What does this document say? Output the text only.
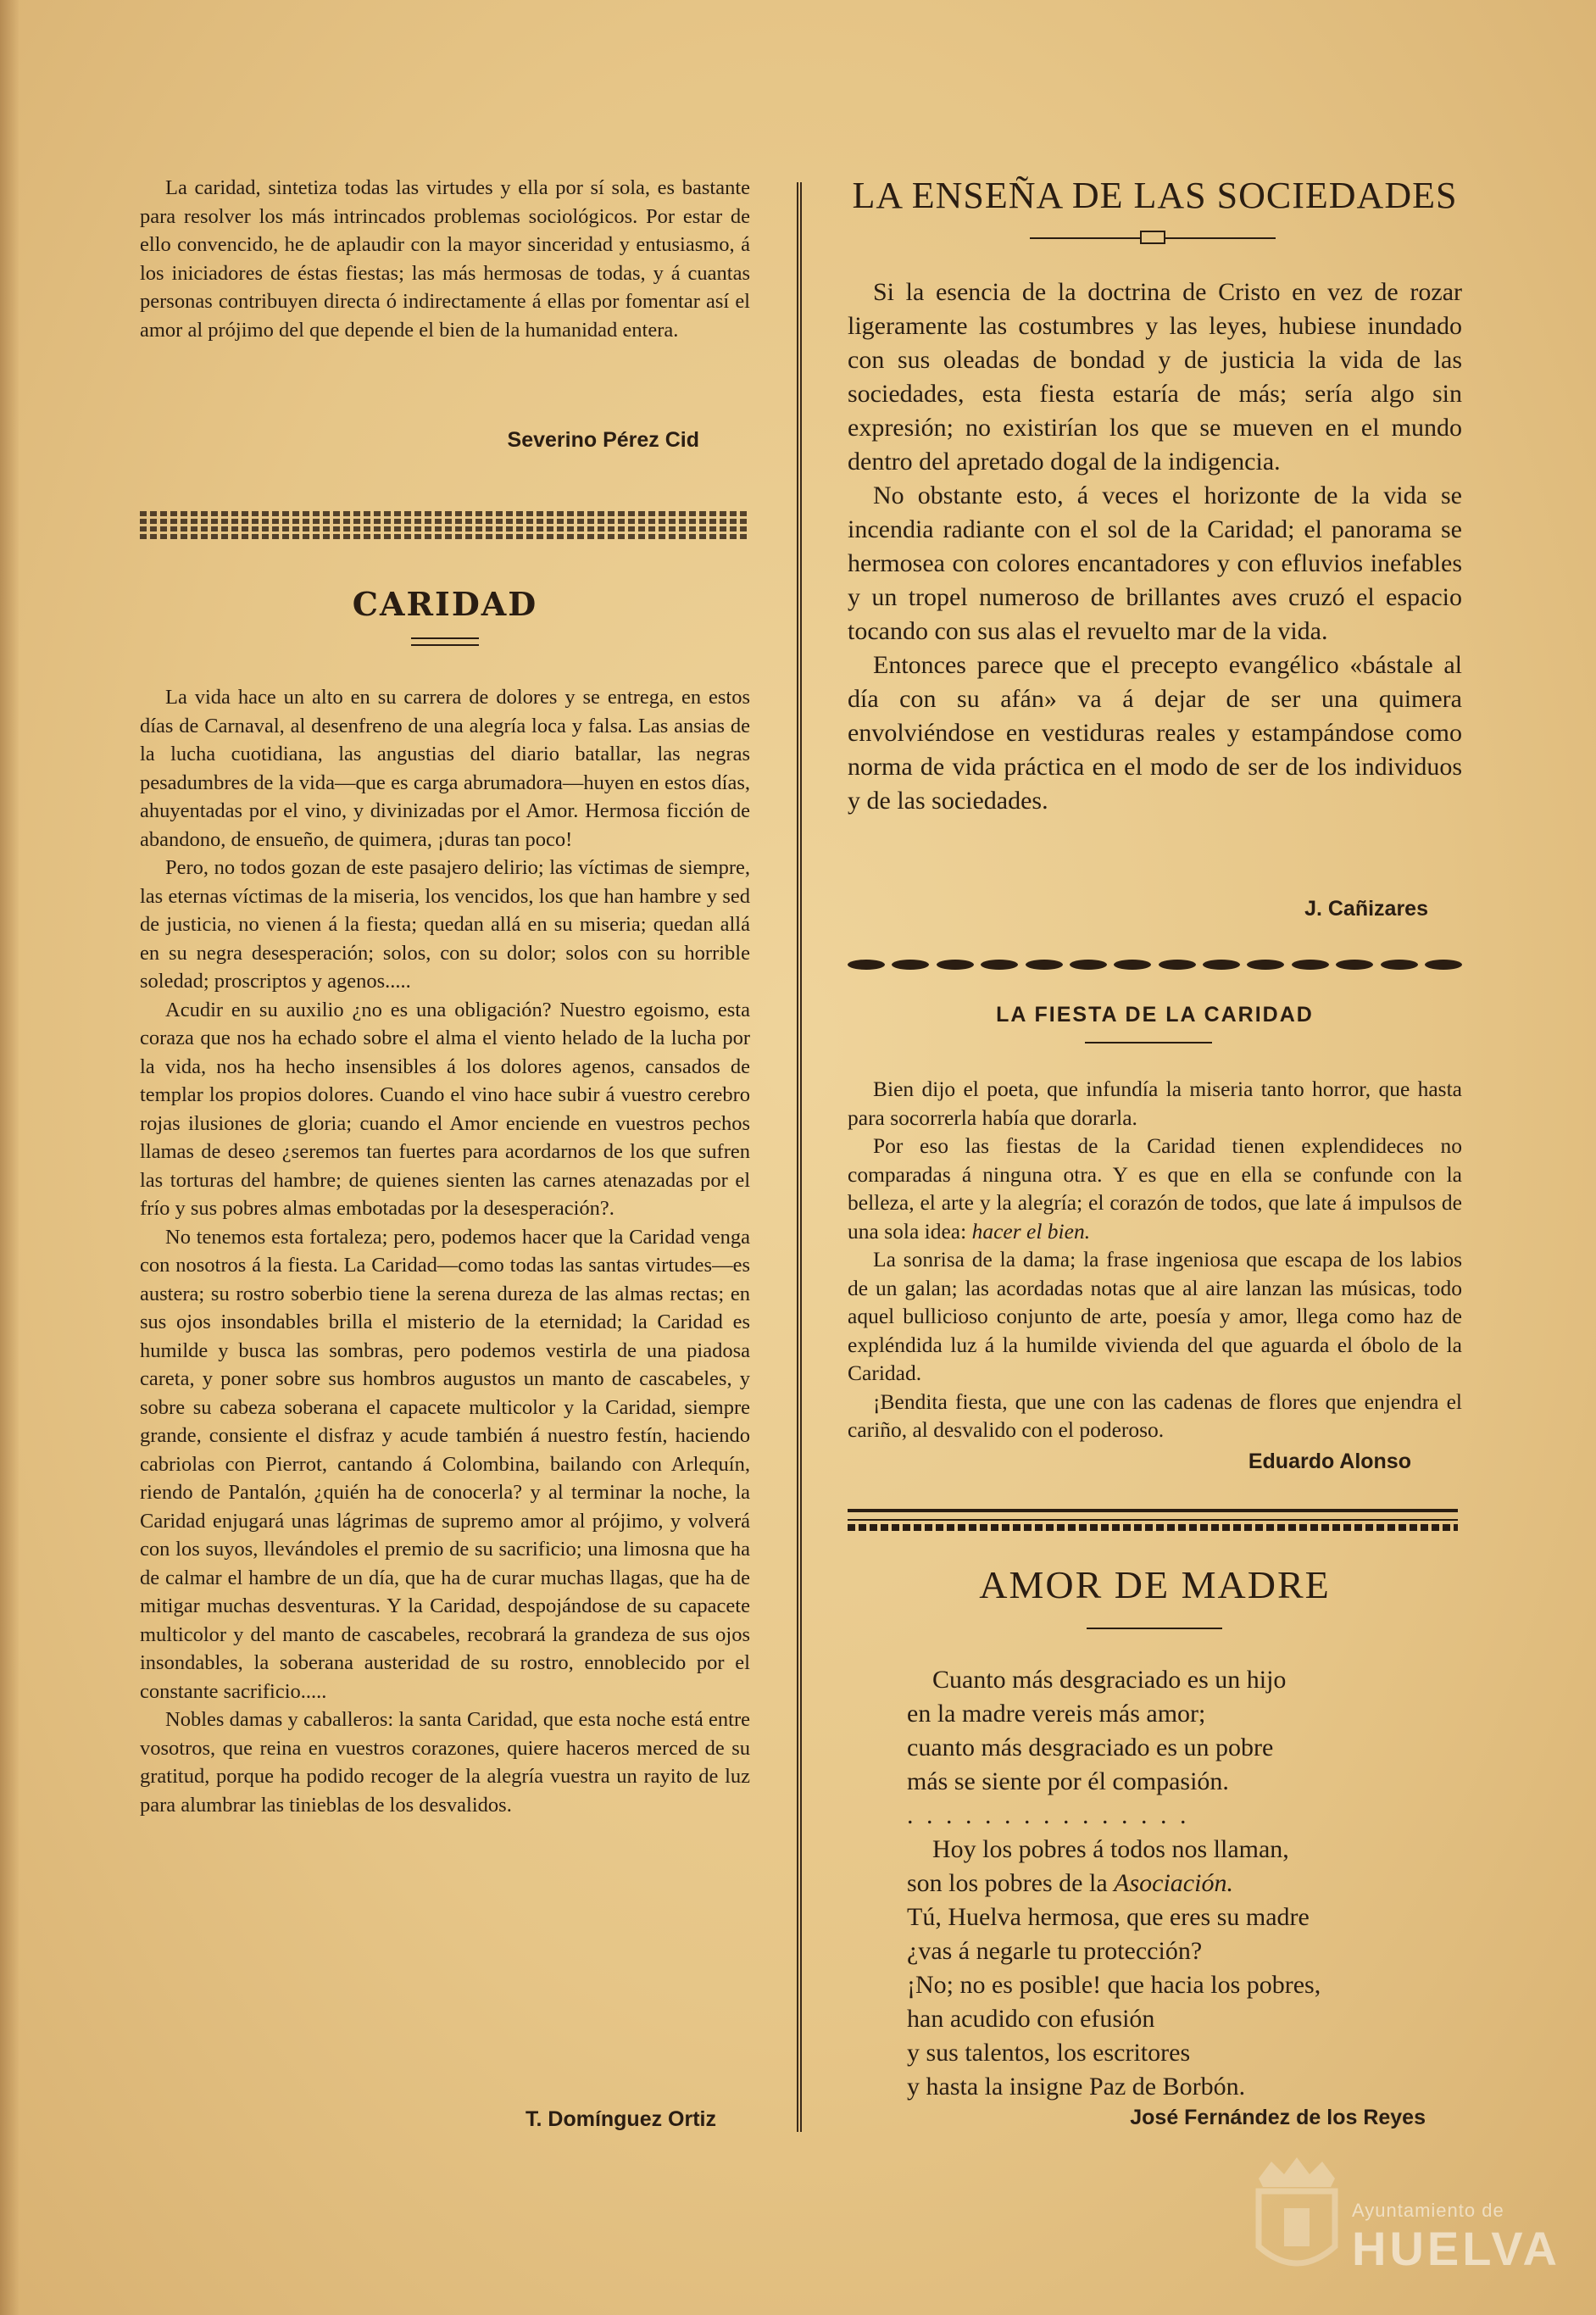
La caridad, sintetiza todas las virtudes y ella por sí sola, es bastante para resolver los más intrincados problemas sociológicos. Por estar de ello convencido, he de aplaudir con la mayor sinceridad y entusiasmo, á los iniciadores de éstas fiestas; las más hermosas de todas, y á cuantas personas contribuyen directa ó indirectamente á ellas por fomentar así el amor al prójimo del que depende el bien de la humanidad entera.

Severino Pérez Cid
CARIDAD

La vida hace un alto en su carrera de dolores y se entrega, en estos días de Carnaval, al desenfreno de una alegría loca y falsa. Las ansias de la lucha cuotidiana, las angustias del diario batallar, las negras pesadumbres de la vida—que es carga abrumadora—huyen en estos días, ahuyentadas por el vino, y divinizadas por el Amor. Hermosa ficción de abandono, de ensueño, de quimera, ¡duras tan poco!

Pero, no todos gozan de este pasajero delirio; las víctimas de siempre, las eternas víctimas de la miseria, los vencidos, los que han hambre y sed de justicia, no vienen á la fiesta; quedan allá en su miseria; quedan allá en su negra desesperación; solos, con su dolor; solos con su horrible soledad; proscriptos y agenos.....

Acudir en su auxilio ¿no es una obligación? Nuestro egoismo, esta coraza que nos ha echado sobre el alma el viento helado de la lucha por la vida, nos ha hecho insensibles á los dolores agenos, cansados de templar los propios dolores. Cuando el vino hace subir á vuestro cerebro rojas ilusiones de gloria; cuando el Amor enciende en vuestros pechos llamas de deseo ¿seremos tan fuertes para acordarnos de los que sufren las torturas del hambre; de quienes sienten las carnes atenazadas por el frío y sus pobres almas embotadas por la desesperación?.

No tenemos esta fortaleza; pero, podemos hacer que la Caridad venga con nosotros á la fiesta. La Caridad—como todas las santas virtudes—es austera; su rostro soberbio tiene la serena dureza de las almas rectas; en sus ojos insondables brilla el misterio de la eternidad; la Caridad es humilde y busca las sombras, pero podemos vestirla de una piadosa careta, y poner sobre sus hombros augustos un manto de cascabeles, y sobre su cabeza soberana el capacete multicolor y la Caridad, siempre grande, consiente el disfraz y acude también á nuestro festín, haciendo cabriolas con Pierrot, cantando á Colombina, bailando con Arlequín, riendo de Pantalón, ¿quién ha de conocerla? y al terminar la noche, la Caridad enjugará unas lágrimas de supremo amor al prójimo, y volverá con los suyos, llevándoles el premio de su sacrificio; una limosna que ha de calmar el hambre de un día, que ha de curar muchas llagas, que ha de mitigar muchas desventuras. Y la Caridad, despojándose de su capacete multicolor y del manto de cascabeles, recobrará la grandeza de sus ojos insondables, la soberana austeridad de su rostro, ennoblecido por el constante sacrificio.....

Nobles damas y caballeros: la santa Caridad, que esta noche está entre vosotros, que reina en vuestros corazones, quiere haceros merced de su gratitud, porque ha podido recoger de la alegría vuestra un rayito de luz para alumbrar las tinieblas de los desvalidos.

T. Domínguez Ortiz
LA ENSEÑA DE LAS SOCIEDADES

Si la esencia de la doctrina de Cristo en vez de rozar ligeramente las costumbres y las leyes, hubiese inundado con sus oleadas de bondad y de justicia la vida de las sociedades, esta fiesta estaría de más; sería algo sin expresión; no existirían los que se mueven en el mundo dentro del apretado dogal de la indigencia.

No obstante esto, á veces el horizonte de la vida se incendia radiante con el sol de la Caridad; el panorama se hermosea con colores encantadores y con efluvios inefables y un tropel numeroso de brillantes aves cruzó el espacio tocando con sus alas el revuelto mar de la vida.

Entonces parece que el precepto evangélico «bástale al día con su afán» va á dejar de ser una quimera envolviéndose en vestiduras reales y estampándose como norma de vida práctica en el modo de ser de los individuos y de las sociedades.

J. Cañizares
LA FIESTA DE LA CARIDAD

Bien dijo el poeta, que infundía la miseria tanto horror, que hasta para socorrerla había que dorarla.

Por eso las fiestas de la Caridad tienen explendideces no comparadas á ninguna otra. Y es que en ella se confunde con la belleza, el arte y la alegría; el corazón de todos, que late á impulsos de una sola idea: hacer el bien.

La sonrisa de la dama; la frase ingeniosa que escapa de los labios de un galan; las acordadas notas que al aire lanzan las músicas, todo aquel bullicioso conjunto de arte, poesía y amor, llega como haz de expléndida luz á la humilde vivienda del que aguarda el óbolo de la Caridad.

¡Bendita fiesta, que une con las cadenas de flores que enjendra el cariño, al desvalido con el poderoso.

Eduardo Alonso
AMOR DE MADRE

Cuanto más desgraciado es un hijo

en la madre vereis más amor;

cuanto más desgraciado es un pobre

más se siente por él compasión.

. . . . . . . . . . . . . . .

Hoy los pobres á todos nos llaman,

son los pobres de la Asociación.

Tú, Huelva hermosa, que eres su madre

¿vas á negarle tu protección?

¡No; no es posible! que hacia los pobres,

han acudido con efusión

y sus talentos, los escritores

y hasta la insigne Paz de Borbón.

José Fernández de los Reyes
Ayuntamiento de
HUELVA
